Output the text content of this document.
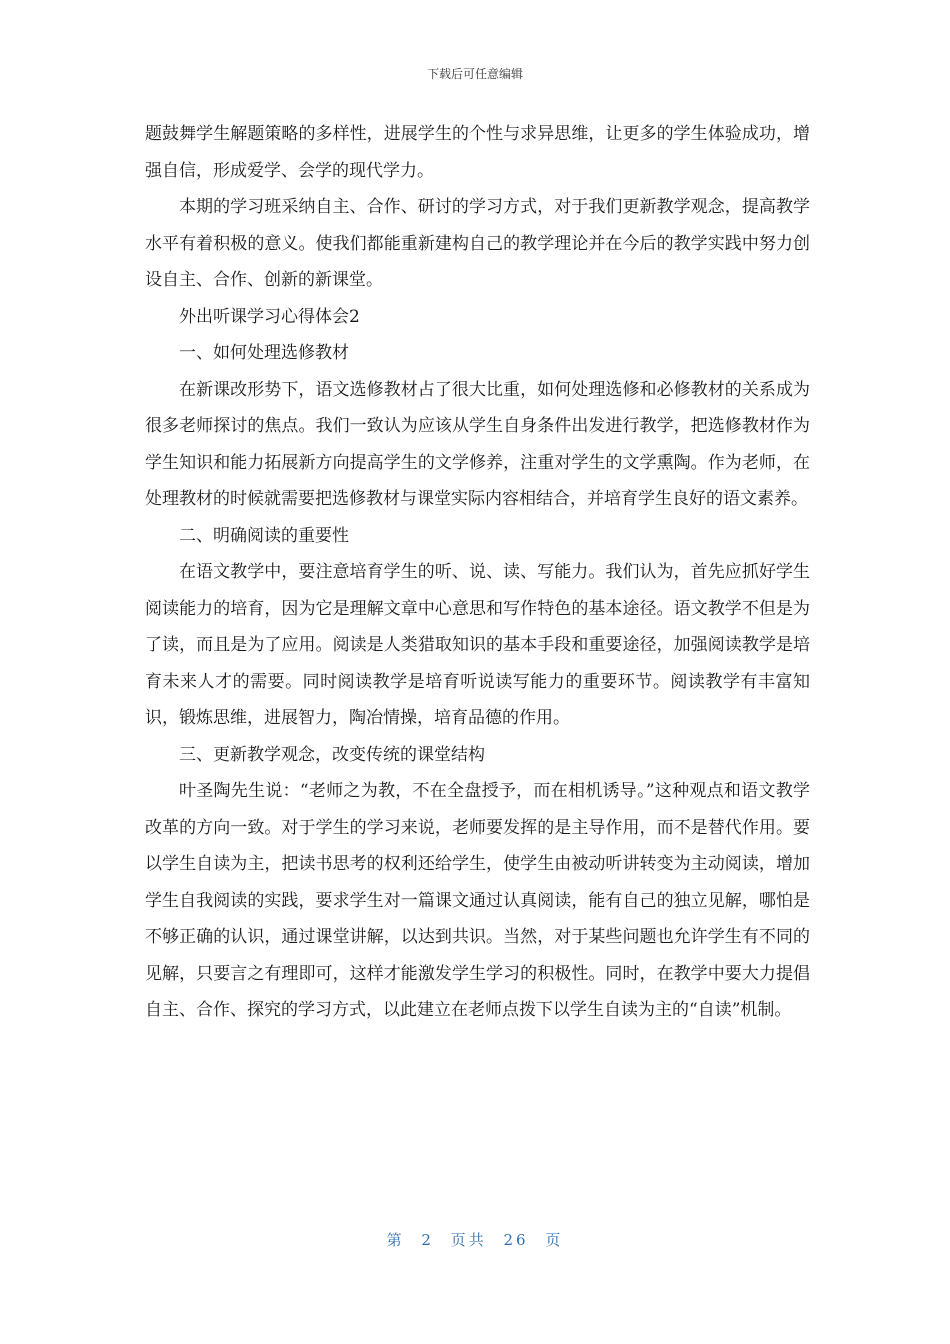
下载后可任意编辑

题鼓舞学生解题策略的多样性，进展学生的个性与求异思维，让更多的学生体验成功，增强自信，形成爱学、会学的现代学力。

本期的学习班采纳自主、合作、研讨的学习方式，对于我们更新教学观念，提高教学水平有着积极的意义。使我们都能重新建构自己的教学理论并在今后的教学实践中努力创设自主、合作、创新的新课堂。

外出听课学习心得体会2

一、如何处理选修教材

在新课改形势下，语文选修教材占了很大比重，如何处理选修和必修教材的关系成为很多老师探讨的焦点。我们一致认为应该从学生自身条件出发进行教学，把选修教材作为学生知识和能力拓展新方向提高学生的文学修养，注重对学生的文学熏陶。作为老师，在处理教材的时候就需要把选修教材与课堂实际内容相结合，并培育学生良好的语文素养。

二、明确阅读的重要性

在语文教学中，要注意培育学生的听、说、读、写能力。我们认为，首先应抓好学生阅读能力的培育，因为它是理解文章中心意思和写作特色的基本途径。语文教学不但是为了读，而且是为了应用。阅读是人类猎取知识的基本手段和重要途径，加强阅读教学是培育未来人才的需要。同时阅读教学是培育听说读写能力的重要环节。阅读教学有丰富知识，锻炼思维，进展智力，陶冶情操，培育品德的作用。

三、更新教学观念，改变传统的课堂结构

叶圣陶先生说：“老师之为教，不在全盘授予，而在相机诱导。”这种观点和语文教学改革的方向一致。对于学生的学习来说，老师要发挥的是主导作用，而不是替代作用。要以学生自读为主，把读书思考的权利还给学生，使学生由被动听讲转变为主动阅读，增加学生自我阅读的实践，要求学生对一篇课文通过认真阅读，能有自己的独立见解，哪怕是不够正确的认识，通过课堂讲解，以达到共识。当然，对于某些问题也允许学生有不同的见解，只要言之有理即可，这样才能激发学生学习的积极性。同时，在教学中要大力提倡自主、合作、探究的学习方式，以此建立在老师点拨下以学生自读为主的“自读”机制。

第 2 页共 26 页
